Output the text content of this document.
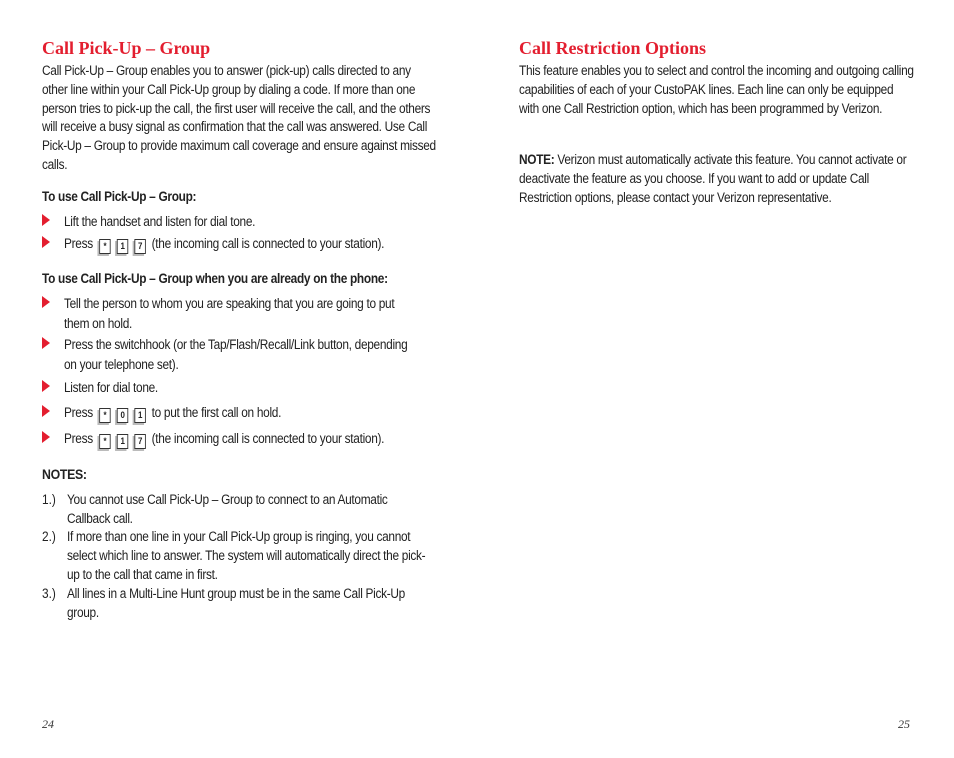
Call Pick-Up – Group

Call Pick-Up – Group enables you to answer (pick-up) calls directed to any other line within your Call Pick-Up group by dialing a code. If more than one person tries to pick-up the call, the first user will receive the call, and the others will receive a busy signal as confirmation that the call was answered. Use Call Pick-Up – Group to provide maximum call coverage and ensure against missed calls.

To use Call Pick-Up – Group:

Lift the handset and listen for dial tone.
Press * 1 7 (the incoming call is connected to your station).

To use Call Pick-Up – Group when you are already on the phone:

Tell the person to whom you are speaking that you are going to put them on hold.
Press the switchhook (or the Tap/Flash/Recall/Link button, depending on your telephone set).
Listen for dial tone.
Press * 0 1 to put the first call on hold.
Press * 1 7 (the incoming call is connected to your station).

NOTES:

1.) You cannot use Call Pick-Up – Group to connect to an Automatic Callback call.
2.) If more than one line in your Call Pick-Up group is ringing, you cannot select which line to answer. The system will automatically direct the pick-up to the call that came in first.
3.) All lines in a Multi-Line Hunt group must be in the same Call Pick-Up group.

24

Call Restriction Options

This feature enables you to select and control the incoming and outgoing calling capabilities of each of your CustoPAK lines. Each line can only be equipped with one Call Restriction option, which has been programmed by Verizon.

NOTE: Verizon must automatically activate this feature. You cannot activate or deactivate the feature as you choose. If you want to add or update Call Restriction options, please contact your Verizon representative.

25
